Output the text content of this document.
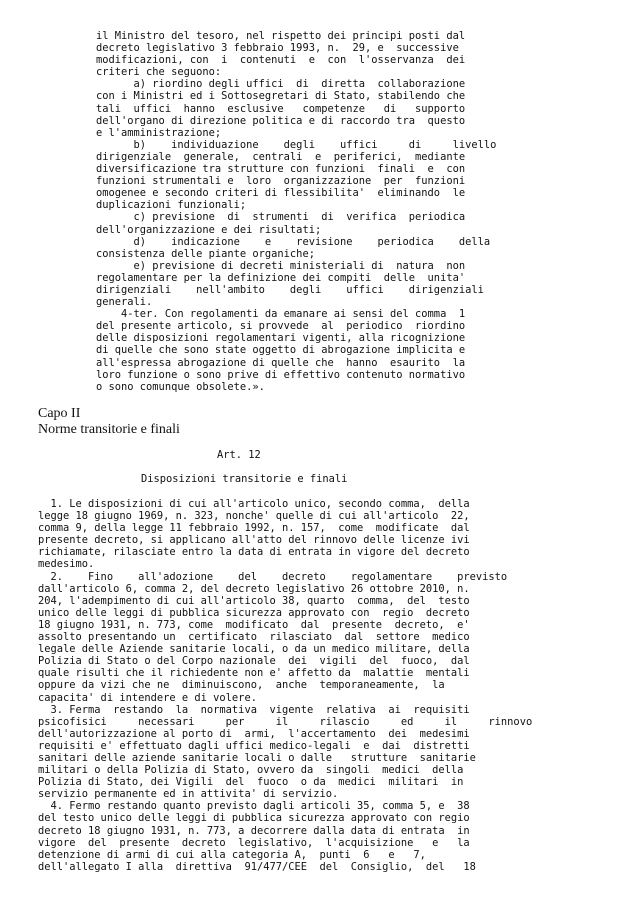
il Ministro del tesoro, nel rispetto dei principi posti dal
decreto legislativo 3 febbraio 1993, n.  29, e  successive
modificazioni, con  i  contenuti  e  con  l'osservanza  dei
criteri che seguono:
a) riordino degli uffici  di  diretta  collaborazione
con i Ministri ed i Sottosegretari di Stato, stabilendo che
tali  uffici  hanno  esclusive   competenze   di   supporto
dell'organo di direzione politica e di raccordo tra  questo
e l'amministrazione;
b)    individuazione    degli    uffici     di     livello
dirigenziale  generale,  centrali  e  periferici,  mediante
diversificazione tra strutture con funzioni  finali  e  con
funzioni strumentali e  loro  organizzazione  per  funzioni
omogenee e secondo criteri di flessibilita'  eliminando  le
duplicazioni funzionali;
c) previsione  di  strumenti  di  verifica  periodica
dell'organizzazione e dei risultati;
d)    indicazione    e    revisione    periodica    della
consistenza delle piante organiche;
e) previsione di decreti ministeriali di  natura  non
regolamentare per la definizione dei compiti  delle  unita'
dirigenziali    nell'ambito    degli    uffici    dirigenziali
generali.
4-ter. Con regolamenti da emanare ai sensi del comma  1
del presente articolo, si provvede  al  periodico  riordino
delle disposizioni regolamentari vigenti, alla ricognizione
di quelle che sono state oggetto di abrogazione implicita e
all'espressa abrogazione di quelle che  hanno  esaurito  la
loro funzione o sono prive di effettivo contenuto normativo
o sono comunque obsolete.».
Capo II
Norme transitorie e finali
Art. 12
Disposizioni transitorie e finali
1. Le disposizioni di cui all'articolo unico, secondo comma,  della
legge 18 giugno 1969, n. 323, nonche' quelle di cui all'articolo  22,
comma 9, della legge 11 febbraio 1992, n. 157,  come  modificate  dal
presente decreto, si applicano all'atto del rinnovo delle licenze ivi
richiamate, rilasciate entro la data di entrata in vigore del decreto
medesimo.
2.    Fino    all'adozione    del    decreto    regolamentare    previsto
dall'articolo 6, comma 2, del decreto legislativo 26 ottobre 2010, n.
204, l'adempimento di cui all'articolo 38, quarto  comma,  del  testo
unico delle leggi di pubblica sicurezza approvato con  regio  decreto
18 giugno 1931, n. 773, come  modificato  dal  presente  decreto,  e'
assolto presentando un  certificato  rilasciato  dal  settore  medico
legale delle Aziende sanitarie locali, o da un medico militare, della
Polizia di Stato o del Corpo nazionale  dei  vigili  del  fuoco,  dal
quale risulti che il richiedente non e' affetto da  malattie  mentali
oppure da vizi che ne  diminuiscono,  anche  temporaneamente,  la
capacita' di intendere e di volere.
3. Ferma  restando  la  normativa  vigente  relativa  ai  requisiti
psicofisici     necessari     per     il     rilascio     ed     il     rinnovo
dell'autorizzazione al porto di  armi,  l'accertamento  dei  medesimi
requisiti e' effettuato dagli uffici medico-legali  e  dai  distretti
sanitari delle aziende sanitarie locali o dalle   strutture  sanitarie
militari o della Polizia di Stato, ovvero da  singoli  medici  della
Polizia di Stato, dei Vigili  del  fuoco  o da  medici  militari  in
servizio permanente ed in attivita' di servizio.
4. Fermo restando quanto previsto dagli articoli 35, comma 5, e  38
del testo unico delle leggi di pubblica sicurezza approvato con regio
decreto 18 giugno 1931, n. 773, a decorrere dalla data di entrata  in
vigore  del  presente  decreto  legislativo,  l'acquisizione   e   la
detenzione di armi di cui alla categoria A,  punti  6   e   7,
dell'allegato I alla  direttiva  91/477/CEE  del  Consiglio,  del   18
